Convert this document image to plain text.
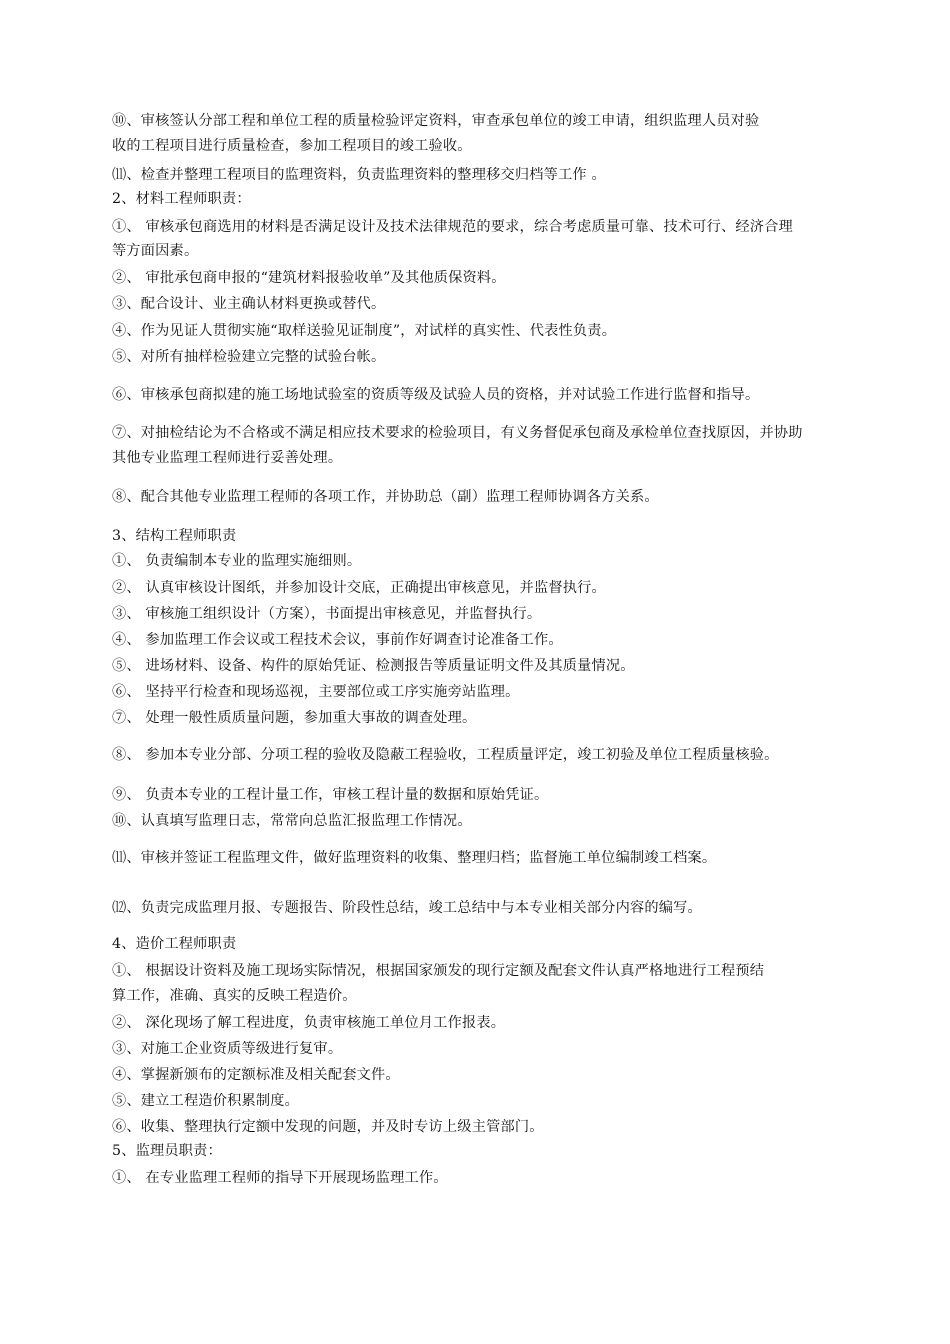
⑩、审核签认分部工程和单位工程的质量检验评定资料，审查承包单位的竣工申请，组织监理人员对验
收的工程项目进行质量检查，参加工程项目的竣工验收。
⑾、检查并整理工程项目的监理资料，负责监理资料的整理移交归档等工作 。
2、材料工程师职责：
①、 审核承包商选用的材料是否满足设计及技术法律规范的要求，综合考虑质量可靠、技术可行、经济合理
等方面因素。
②、 审批承包商申报的“建筑材料报验收单”及其他质保资料。
③、配合设计、业主确认材料更换或替代。
④、作为见证人贯彻实施“取样送验见证制度”，对试样的真实性、代表性负责。
⑤、对所有抽样检验建立完整的试验台帐。
⑥、审核承包商拟建的施工场地试验室的资质等级及试验人员的资格，并对试验工作进行监督和指导。
⑦、对抽检结论为不合格或不满足相应技术要求的检验项目，有义务督促承包商及承检单位查找原因，并协助
其他专业监理工程师进行妥善处理。
⑧、配合其他专业监理工程师的各项工作，并协助总（副）监理工程师协调各方关系。
3、结构工程师职责
①、 负责编制本专业的监理实施细则。
②、 认真审核设计图纸，并参加设计交底，正确提出审核意见，并监督执行。
③、 审核施工组织设计（方案），书面提出审核意见，并监督执行。
④、 参加监理工作会议或工程技术会议，事前作好调查讨论准备工作。
⑤、 进场材料、设备、构件的原始凭证、检测报告等质量证明文件及其质量情况。
⑥、 坚持平行检查和现场巡视，主要部位或工序实施旁站监理。
⑦、 处理一般性质质量问题，参加重大事故的调查处理。
⑧、 参加本专业分部、分项工程的验收及隐蔽工程验收，工程质量评定，竣工初验及单位工程质量核验。
⑨、 负责本专业的工程计量工作，审核工程计量的数据和原始凭证。
⑩、认真填写监理日志，常常向总监汇报监理工作情况。
⑾、审核并签证工程监理文件，做好监理资料的收集、整理归档；监督施工单位编制竣工档案。
⑿、负责完成监理月报、专题报告、阶段性总结，竣工总结中与本专业相关部分内容的编写。
4、造价工程师职责
①、 根据设计资料及施工现场实际情况，根据国家颁发的现行定额及配套文件认真严格地进行工程预结
算工作，准确、真实的反映工程造价。
②、 深化现场了解工程进度，负责审核施工单位月工作报表。
③、对施工企业资质等级进行复审。
④、掌握新颁布的定额标准及相关配套文件。
⑤、建立工程造价积累制度。
⑥、收集、整理执行定额中发现的问题，并及时专访上级主管部门。
5、监理员职责：
①、 在专业监理工程师的指导下开展现场监理工作。
